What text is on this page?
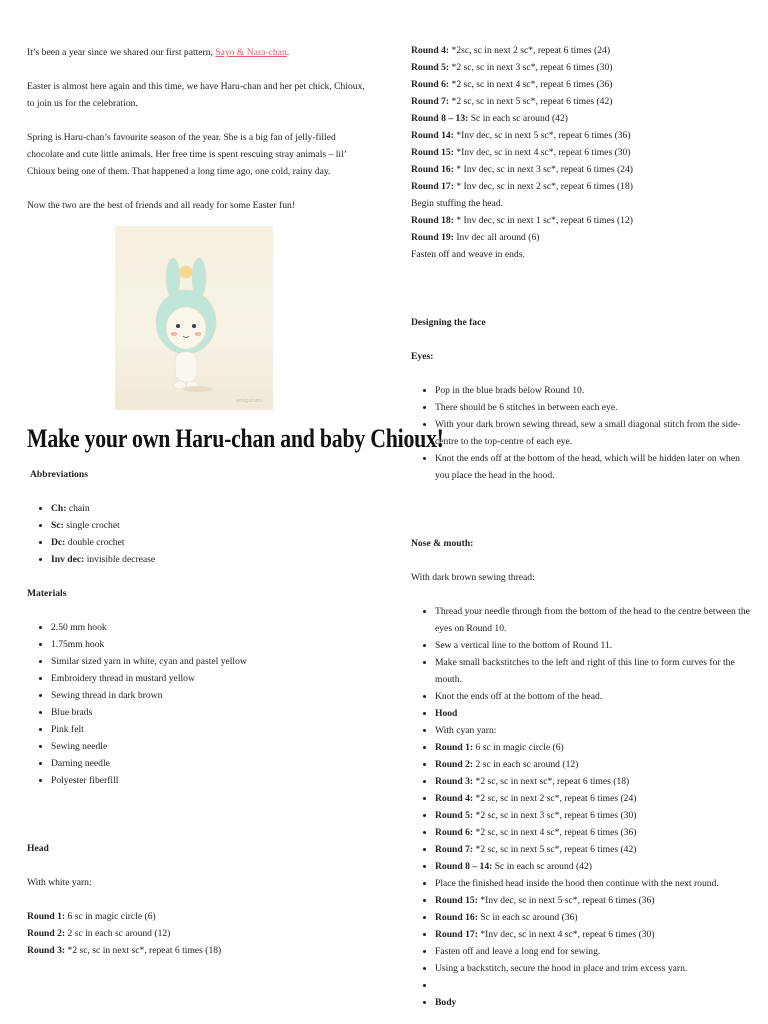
It’s been a year since we shared our first pattern, Sayo & Nara-chan.

Easter is almost here again and this time, we have Haru-chan and her pet chick, Chioux, to join us for the celebration.

Spring is Haru-chan’s favourite season of the year. She is a big fan of jelly-filled chocolate and cute little animals. Her free time is spent rescuing stray animals – lil’ Chioux being one of them. That happened a long time ago, one cold, rainy day.

Now the two are the best of friends and all ready for some Easter fun!

amigurumi
Make your own Haru-chan and baby Chioux!

Abbreviations

• Ch: chain
• Sc: single crochet
• Dc: double crochet
• Inv dec: invisible decrease

Materials

• 2.50 mm hook
• 1.75mm hook
• Similar sized yarn in white, cyan and pastel yellow
• Embroidery thread in mustard yellow
• Sewing thread in dark brown
• Blue brads
• Pink felt
• Sewing needle
• Darning needle
• Polyester fiberfill

Head

With white yarn:

Round 1: 6 sc in magic circle (6)
Round 2: 2 sc in each sc around (12)
Round 3: *2 sc, sc in next sc*, repeat 6 times (18)
Round 4: *2sc, sc in next 2 sc*, repeat 6 times (24)
Round 5: *2 sc, sc in next 3 sc*, repeat 6 times (30)
Round 6: *2 sc, sc in next 4 sc*, repeat 6 times (36)
Round 7: *2 sc, sc in next 5 sc*, repeat 6 times (42)
Round 8 – 13: Sc in each sc around (42)
Round 14: *Inv dec, sc in next 5 sc*, repeat 6 times (36)
Round 15: *Inv dec, sc in next 4 sc*, repeat 6 times (30)
Round 16: * Inv dec, sc in next 3 sc*, repeat 6 times (24)
Round 17: * Inv dec, sc in next 2 sc*, repeat 6 times (18)
Begin stuffing the head.
Round 18: * Inv dec, sc in next 1 sc*, repeat 6 times (12)
Round 19: Inv dec all around (6)
Fasten off and weave in ends.

Designing the face

Eyes:

• Pop in the blue brads below Round 10.
• There should be 6 stitches in between each eye.
• With your dark brown sewing thread, sew a small diagonal stitch from the side-centre to the top-centre of each eye.
• Knot the ends off at the bottom of the head, which will be hidden later on when you place the head in the hood.

Nose & mouth:

With dark brown sewing thread:

• Thread your needle through from the bottom of the head to the centre between the eyes on Round 10.
• Sew a vertical line to the bottom of Round 11.
• Make small backstitches to the left and right of this line to form curves for the mouth.
• Knot the ends off at the bottom of the head.
• Hood
• With cyan yarn:
• Round 1: 6 sc in magic circle (6)
• Round 2: 2 sc in each sc around (12)
• Round 3: *2 sc, sc in next sc*, repeat 6 times (18)
• Round 4: *2 sc, sc in next 2 sc*, repeat 6 times (24)
• Round 5: *2 sc, sc in next 3 sc*, repeat 6 times (30)
• Round 6: *2 sc, sc in next 4 sc*, repeat 6 times (36)
• Round 7: *2 sc, sc in next 5 sc*, repeat 6 times (42)
• Round 8 – 14: Sc in each sc around (42)
• Place the finished head inside the hood then continue with the next round.
• Round 15: *Inv dec, sc in next 5 sc*, repeat 6 times (36)
• Round 16: Sc in each sc around (36)
• Round 17: *Inv dec, sc in next 4 sc*, repeat 6 times (30)
• Fasten off and leave a long end for sewing.
• Using a backstitch, secure the hood in place and trim excess yarn.
•
• Body
